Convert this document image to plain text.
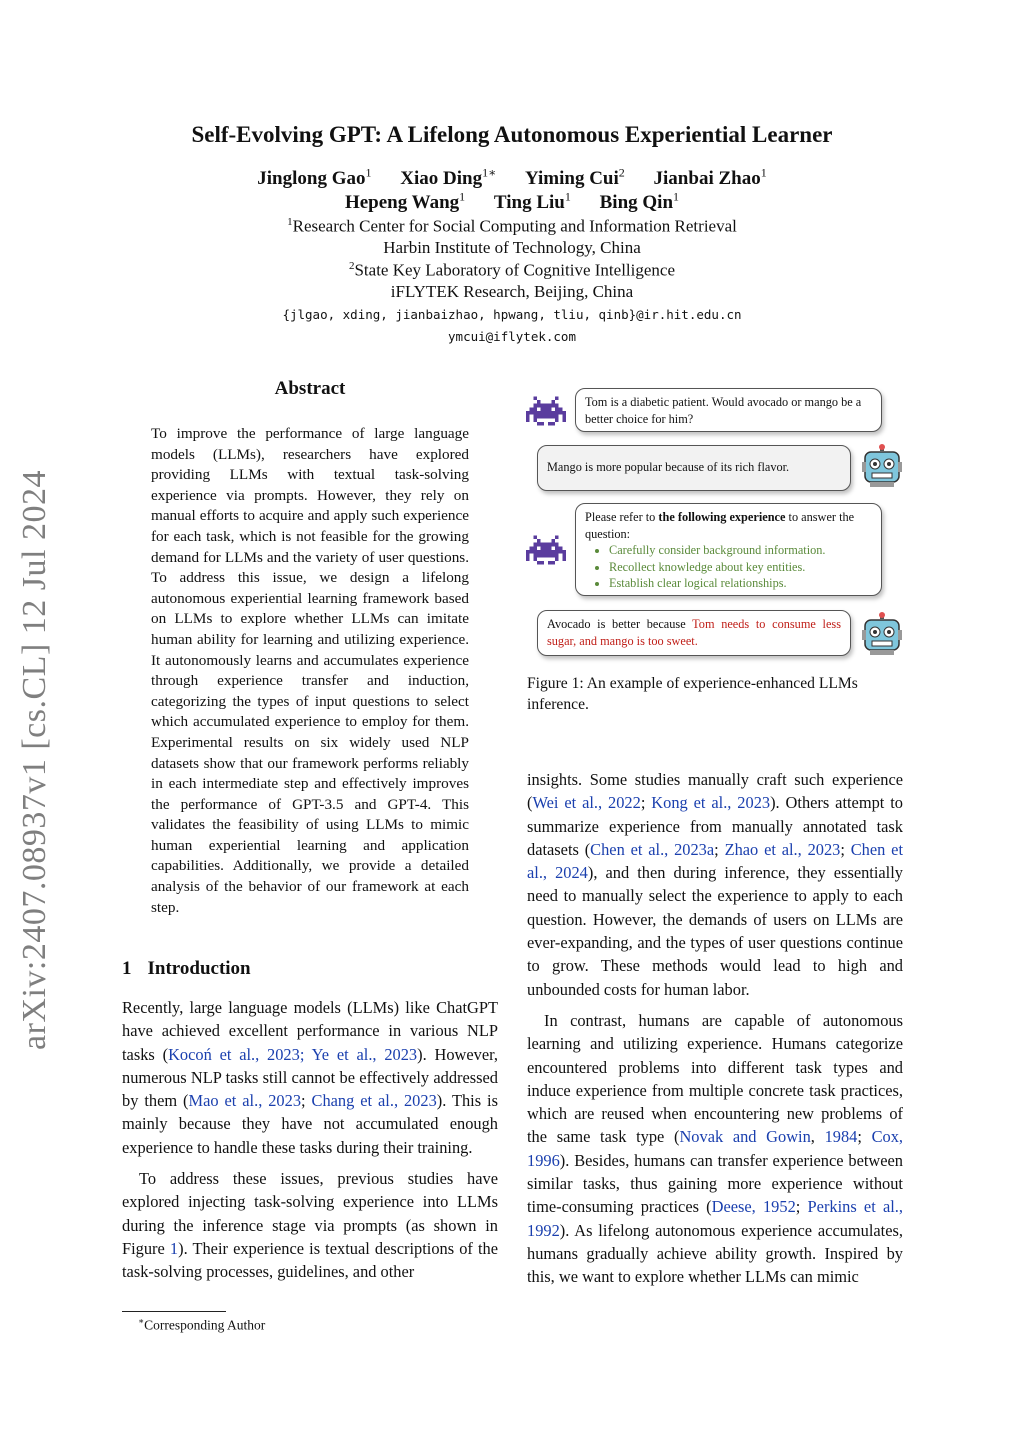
arXiv:2407.08937v1 [cs.CL] 12 Jul 2024
Self-Evolving GPT: A Lifelong Autonomous Experiential Learner
Jinglong Gao$^1$ Xiao Ding$^{1∗}$ Yiming Cui$^2$ Jianbai Zhao$^1$
Hepeng Wang$^1$ Ting Liu$^1$ Bing Qin$^1$
$^1$Research Center for Social Computing and Information Retrieval
Harbin Institute of Technology, China
$^2$State Key Laboratory of Cognitive Intelligence
iFLYTEK Research, Beijing, China
{jlgao, xding, jianbaizhao, hpwang, tliu, qinb}@ir.hit.edu.cn
ymcui@iflytek.com
Abstract
To improve the performance of large language models (LLMs), researchers have explored providing LLMs with textual task-solving experience via prompts. However, they rely on manual efforts to acquire and apply such experience for each task, which is not feasible for the growing demand for LLMs and the variety of user questions. To address this issue, we design a lifelong autonomous experiential learning framework based on LLMs to explore whether LLMs can imitate human ability for learning and utilizing experience. It autonomously learns and accumulates experience through experience transfer and induction, categorizing the types of input questions to select which accumulated experience to employ for them. Experimental results on six widely used NLP datasets show that our framework performs reliably in each intermediate step and effectively improves the performance of GPT-3.5 and GPT-4. This validates the feasibility of using LLMs to mimic human experiential learning and application capabilities. Additionally, we provide a detailed analysis of the behavior of our framework at each step.
1 Introduction

Recently, large language models (LLMs) like ChatGPT have achieved excellent performance in various NLP tasks (Kocoń et al., 2023; Ye et al., 2023). However, numerous NLP tasks still cannot be effectively addressed by them (Mao et al., 2023; Chang et al., 2023). This is mainly because they have not accumulated enough experience to handle these tasks during their training.

To address these issues, previous studies have explored injecting task-solving experience into LLMs during the inference stage via prompts (as shown in Figure 1). Their experience is textual descriptions of the task-solving processes, guidelines, and other

insights. Some studies manually craft such experience (Wei et al., 2022; Kong et al., 2023). Others attempt to summarize experience from manually annotated task datasets (Chen et al., 2023a; Zhao et al., 2023; Chen et al., 2024), and then during inference, they essentially need to manually select the experience to apply to each question. However, the demands of users on LLMs are ever-expanding, and the types of user questions continue to grow. These methods would lead to high and unbounded costs for human labor.

In contrast, humans are capable of autonomous learning and utilizing experience. Humans categorize encountered problems into different task types and induce experience from multiple concrete task practices, which are reused when encountering new problems of the same task type (Novak and Gowin, 1984; Cox, 1996). Besides, humans can transfer experience between similar tasks, thus gaining more experience without time-consuming practices (Deese, 1952; Perkins et al., 1992). As lifelong autonomous experience accumulates, humans gradually achieve ability growth. Inspired by this, we want to explore whether LLMs can mimic

∗Corresponding Author
Tom is a diabetic patient. Would avocado or mango be a better choice for him?
Mango is more popular because of its rich flavor.
Please refer to the following experience to answer the question:
• Carefully consider background information.
• Recollect knowledge about key entities.
• Establish clear logical relationships.
Avocado is better because Tom needs to consume less sugar, and mango is too sweet.
Figure 1: An example of experience-enhanced LLMs inference.
